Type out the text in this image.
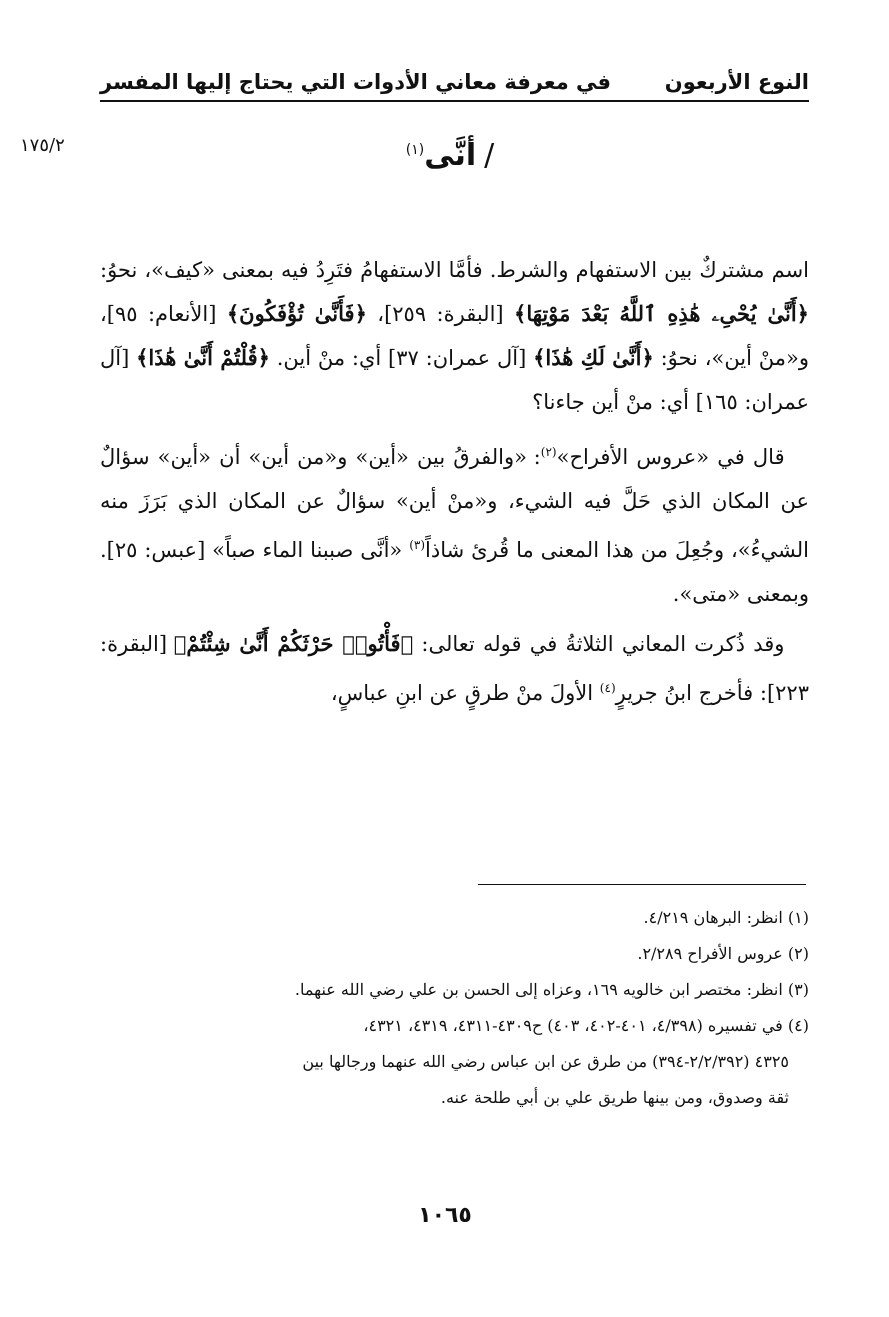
النوع الأربعون
في معرفة معاني الأدوات التي يحتاج إليها المفسر
١٧٥/٢	/أنَّى$^{(١)}$

اسم مشتركٌ بين الاستفهام والشرط. فأمَّا الاستفهامُ فتَرِدُ فيه بمعنى «كيف»، نحوُ: ﴿أَنَّىٰ يُحْىِۦ هَٰذِهِ ٱللَّهُ بَعْدَ مَوْتِهَا﴾ [البقرة: ٢٥٩]، ﴿فَأَنَّىٰ تُؤْفَكُونَ﴾ [الأنعام: ٩٥]، و«منْ أين»، نحوُ: ﴿أَنَّىٰ لَكِ هَٰذَا﴾ [آل عمران: ٣٧] أي: منْ أين. ﴿قُلْتُمْ أَنَّىٰ هَٰذَا﴾ [آل عمران: ١٦٥] أي: منْ أين جاءنا؟

قال في «عروس الأفراح»$^{(٢)}$: «والفرقُ بين «أين» و«من أين» أن «أين» سؤالٌ عن المكان الذي حَلَّ فيه الشيء، و«منْ أين» سؤالٌ عن المكان الذي بَرَزَ منه الشيءُ»، وجُعِلَ من هذا المعنى ما قُرئ شاذاً$^{(٣)}$ «أنَّى صببنا الماء صباً» [عبس: ٢٥]. وبمعنى «متى».

وقد ذُكرت المعاني الثلاثةُ في قوله تعالى: ﴿فَأْتُوا۟ حَرْثَكُمْ أَنَّىٰ شِئْتُمْ﴾ [البقرة: ٢٢٣]: فأخرج ابنُ جريرٍ$^{(٤)}$ الأولَ منْ طرقٍ عن ابنِ عباسٍ،

(١) انظر: البرهان ٤/٢١٩.

(٢) عروس الأفراح ٢/٢٨٩.

(٣) انظر: مختصر ابن خالويه ١٦٩، وعزاه إلى الحسن بن علي رضي الله عنهما.

(٤) في تفسيره (٤/٣٩٨، ٤٠١-٤٠٢، ٤٠٣) ح٤٣٠٩-٤٣١١، ٤٣١٩، ٤٣٢١،

٤٣٢٥ (٢/٢/٣٩٢-٣٩٤) من طرق عن ابن عباس رضي الله عنهما ورجالها بين

ثقة وصدوق، ومن بينها طريق علي بن أبي طلحة عنه.

١٠٦٥
